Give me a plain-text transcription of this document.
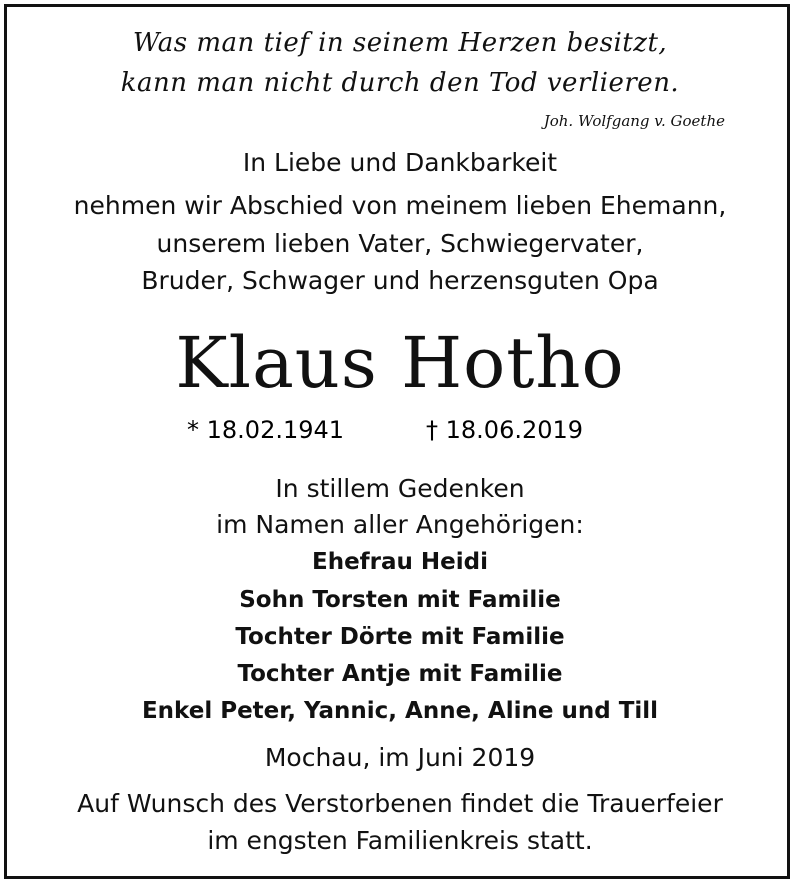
Was man tief in seinem Herzen besitzt,
kann man nicht durch den Tod verlieren.
Joh. Wolfgang v. Goethe
In Liebe und Dankbarkeit
nehmen wir Abschied von meinem lieben Ehemann,
unserem lieben Vater, Schwiegervater,
Bruder, Schwager und herzensguten Opa
Klaus Hotho
* 18.02.1941	† 18.06.2019
In stillem Gedenken
im Namen aller Angehörigen:
Ehefrau Heidi
Sohn Torsten mit Familie
Tochter Dörte mit Familie
Tochter Antje mit Familie
Enkel Peter, Yannic, Anne, Aline und Till
Mochau, im Juni 2019
Auf Wunsch des Verstorbenen findet die Trauerfeier
im engsten Familienkreis statt.
